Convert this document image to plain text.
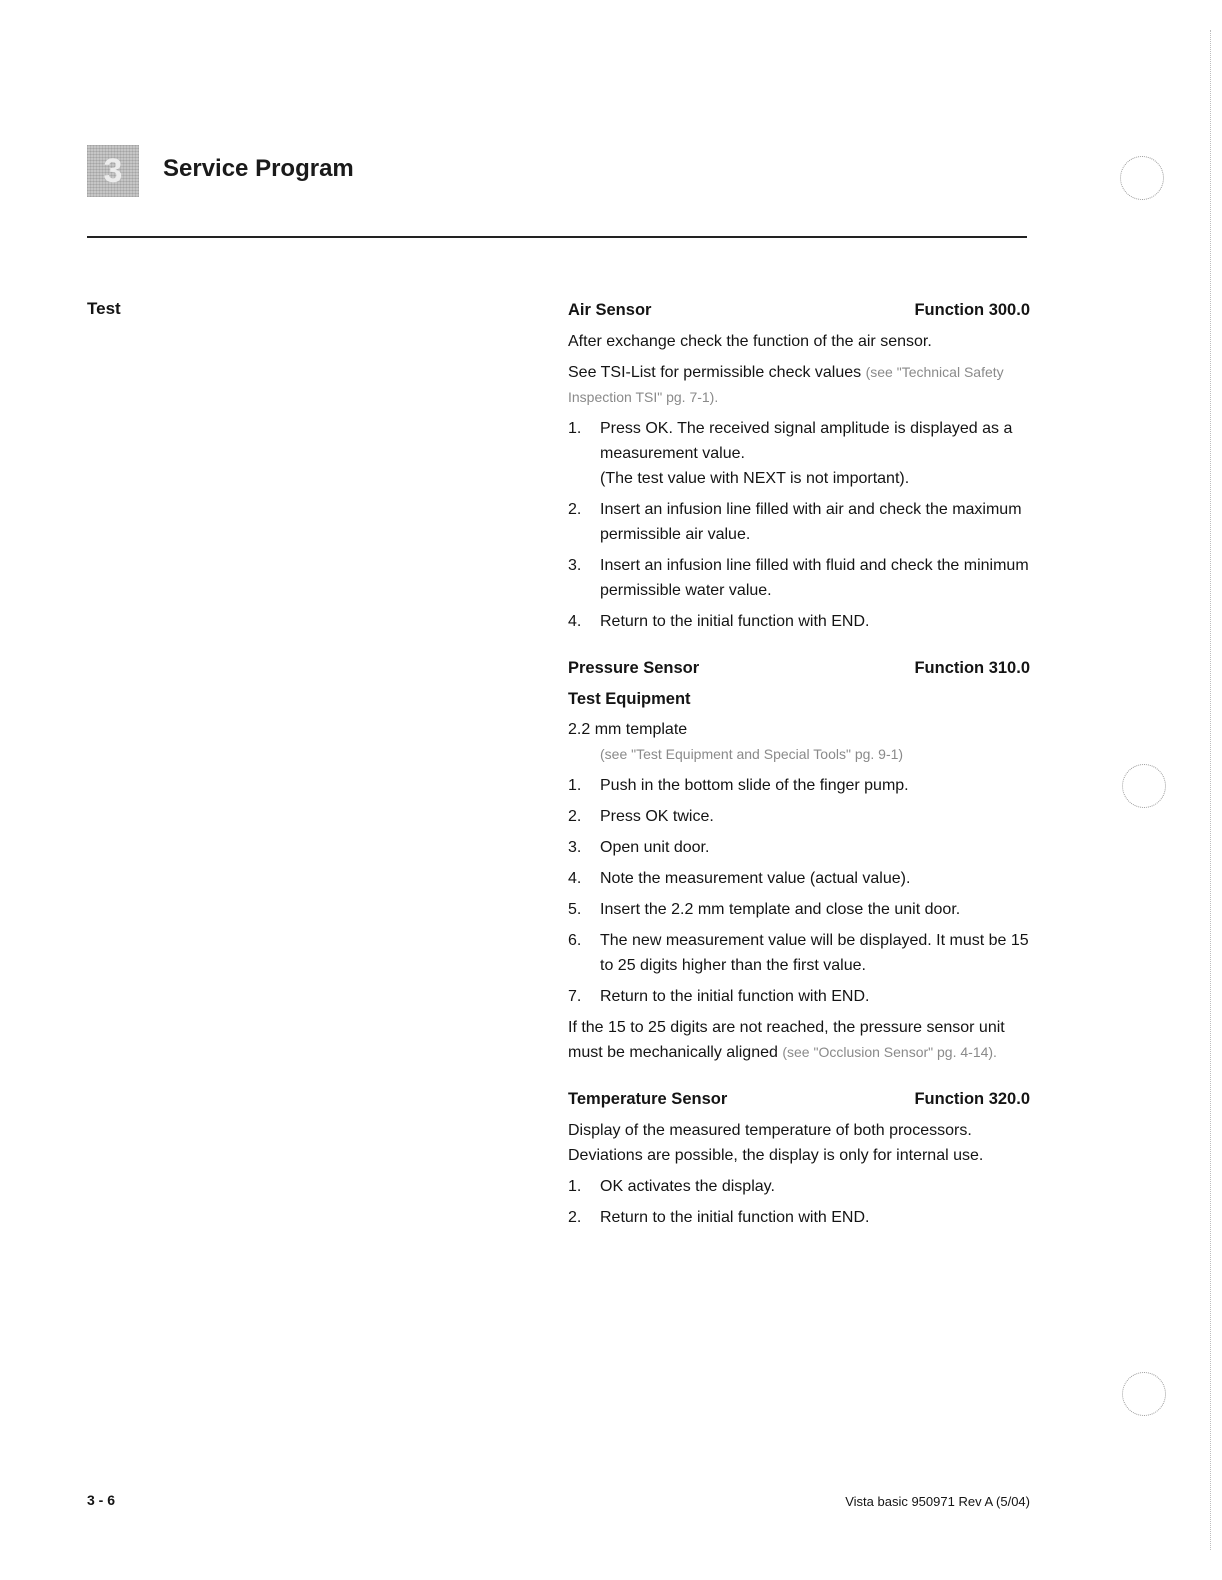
3	Service Program
Test	Air Sensor	Function 300.0

After exchange check the function of the air sensor.

See TSI-List for permissible check values (see "Technical Safety Inspection TSI" pg. 7-1).

1. Press OK. The received signal amplitude is displayed as a measurement value.
(The test value with NEXT is not important).
2. Insert an infusion line filled with air and check the maximum permissible air value.
3. Insert an infusion line filled with fluid and check the minimum permissible water value.
4. Return to the initial function with END.
Pressure Sensor	Function 310.0
Test Equipment
2.2 mm template
(see "Test Equipment and Special Tools" pg. 9-1)
1. Push in the bottom slide of the finger pump.
2. Press OK twice.
3. Open unit door.
4. Note the measurement value (actual value).
5. Insert the 2.2 mm template and close the unit door.
6. The new measurement value will be displayed. It must be 15 to 25 digits higher than the first value.
7. Return to the initial function with END.

If the 15 to 25 digits are not reached, the pressure sensor unit must be mechanically aligned (see "Occlusion Sensor" pg. 4-14).

Temperature Sensor	Function 320.0

Display of the measured temperature of both processors. Deviations are possible, the display is only for internal use.

1. OK activates the display.
2. Return to the initial function with END.
3 - 6	Vista basic 950971 Rev A (5/04)
